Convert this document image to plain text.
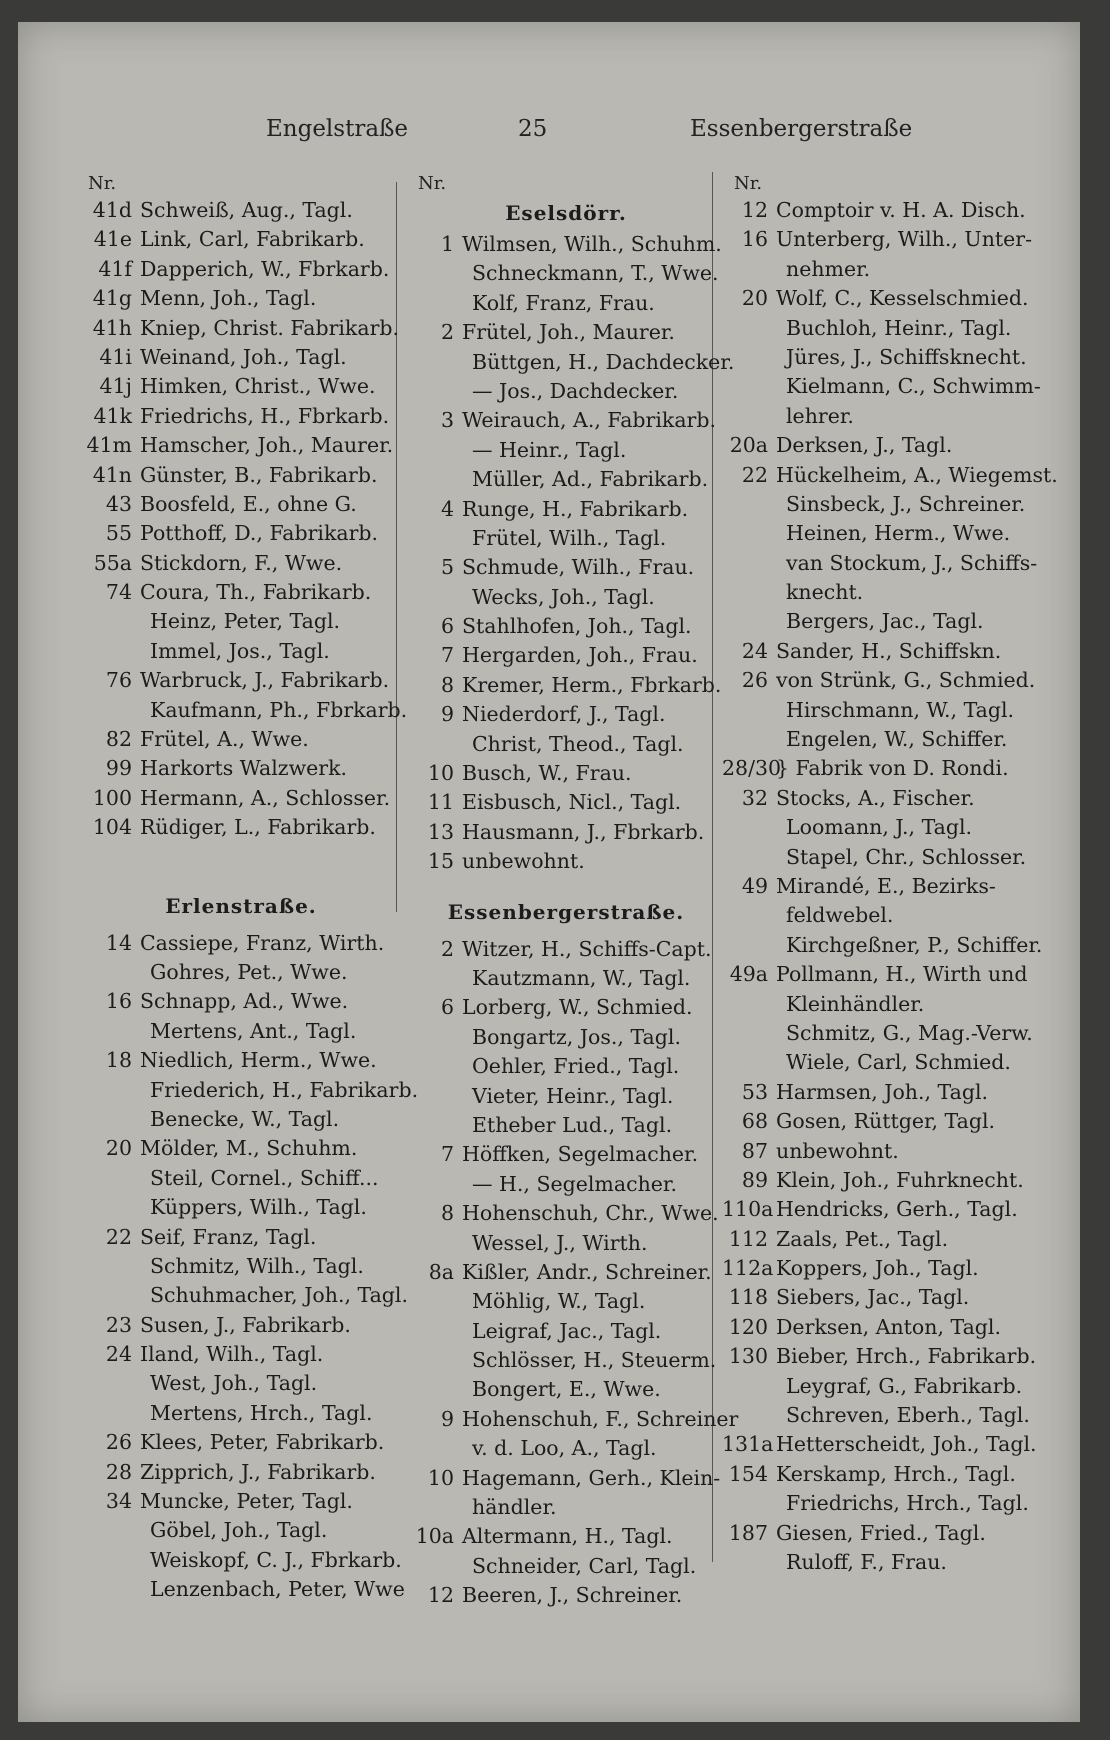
Engelstraße	25	Essenbergerstraße
Nr.
41d Schweiß, Aug., Tagl.
41e Link, Carl, Fabrikarb.
41f Dapperich, W., Fbrkarb.
41g Menn, Joh., Tagl.
41h Kniep, Christ. Fabrikarb.
41i Weinand, Joh., Tagl.
41j Himken, Christ., Wwe.
41k Friedrichs, H., Fbrkarb.
41m Hamscher, Joh., Maurer.
41n Günster, B., Fabrikarb.
43 Boosfeld, E., ohne G.
55 Potthoff, D., Fabrikarb.
55a Stickdorn, F., Wwe.
74 Coura, Th., Fabrikarb.
Heinz, Peter, Tagl.
Immel, Jos., Tagl.
76 Warbruck, J., Fabrikarb.
Kaufmann, Ph., Fbrkarb.
82 Frütel, A., Wwe.
99 Harkorts Walzwerk.
100 Hermann, A., Schlosser.
104 Rüdiger, L., Fabrikarb.
Erlenstraße.
14 Cassiepe, Franz, Wirth.
Gohres, Pet., Wwe.
16 Schnapp, Ad., Wwe.
Mertens, Ant., Tagl.
18 Niedlich, Herm., Wwe.
Friederich, H., Fabrikarb.
Benecke, W., Tagl.
20 Mölder, M., Schuhm.
Steil, Cornel., Schiff...
Küppers, Wilh., Tagl.
22 Seif, Franz, Tagl.
Schmitz, Wilh., Tagl.
Schuhmacher, Joh., Tagl.
23 Susen, J., Fabrikarb.
24 Iland, Wilh., Tagl.
West, Joh., Tagl.
Mertens, Hrch., Tagl.
26 Klees, Peter, Fabrikarb.
28 Zipprich, J., Fabrikarb.
34 Muncke, Peter, Tagl.
Göbel, Joh., Tagl.
Weiskopf, C. J., Fbrkarb.
Lenzenbach, Peter, Wwe
Nr.
Eselsdörr.
1 Wilmsen, Wilh., Schuhm.
Schneckmann, T., Wwe.
Kolf, Franz, Frau.
2 Frütel, Joh., Maurer.
Büttgen, H., Dachdecker.
— Jos., Dachdecker.
3 Weirauch, A., Fabrikarb.
— Heinr., Tagl.
Müller, Ad., Fabrikarb.
4 Runge, H., Fabrikarb.
Frütel, Wilh., Tagl.
5 Schmude, Wilh., Frau.
Wecks, Joh., Tagl.
6 Stahlhofen, Joh., Tagl.
7 Hergarden, Joh., Frau.
8 Kremer, Herm., Fbrkarb.
9 Niederdorf, J., Tagl.
Christ, Theod., Tagl.
10 Busch, W., Frau.
11 Eisbusch, Nicl., Tagl.
13 Hausmann, J., Fbrkarb.
15 unbewohnt.
Essenbergerstraße.
2 Witzer, H., Schiffs-Capt.
Kautzmann, W., Tagl.
6 Lorberg, W., Schmied.
Bongartz, Jos., Tagl.
Oehler, Fried., Tagl.
Vieter, Heinr., Tagl.
Etheber Lud., Tagl.
7 Höffken, Segelmacher.
— H., Segelmacher.
8 Hohenschuh, Chr., Wwe.
Wessel, J., Wirth.
8a Kißler, Andr., Schreiner.
Möhlig, W., Tagl.
Leigraf, Jac., Tagl.
Schlösser, H., Steuerm.
Bongert, E., Wwe.
9 Hohenschuh, F., Schreiner
v. d. Loo, A., Tagl.
10 Hagemann, Gerh., Klein-
händler.
10a Altermann, H., Tagl.
Schneider, Carl, Tagl.
12 Beeren, J., Schreiner.
Nr.
12 Comptoir v. H. A. Disch.
16 Unterberg, Wilh., Unter-
nehmer.
20 Wolf, C., Kesselschmied.
Buchloh, Heinr., Tagl.
Jüres, J., Schiffsknecht.
Kielmann, C., Schwimm-
lehrer.
20a Derksen, J., Tagl.
22 Hückelheim, A., Wiegemst.
Sinsbeck, J., Schreiner.
Heinen, Herm., Wwe.
van Stockum, J., Schiffs-
knecht.
Bergers, Jac., Tagl.
24 Sander, H., Schiffskn.
26 von Strünk, G., Schmied.
Hirschmann, W., Tagl.
Engelen, W., Schiffer.
28/30
} Fabrik von D. Rondi.
32 Stocks, A., Fischer.
Loomann, J., Tagl.
Stapel, Chr., Schlosser.
49 Mirandé, E., Bezirks-
feldwebel.
Kirchgeßner, P., Schiffer.
49a Pollmann, H., Wirth und
Kleinhändler.
Schmitz, G., Mag.-Verw.
Wiele, Carl, Schmied.
53 Harmsen, Joh., Tagl.
68 Gosen, Rüttger, Tagl.
87 unbewohnt.
89 Klein, Joh., Fuhrknecht.
110a Hendricks, Gerh., Tagl.
112 Zaals, Pet., Tagl.
112a Koppers, Joh., Tagl.
118 Siebers, Jac., Tagl.
120 Derksen, Anton, Tagl.
130 Bieber, Hrch., Fabrikarb.
Leygraf, G., Fabrikarb.
Schreven, Eberh., Tagl.
131a Hetterscheidt, Joh., Tagl.
154 Kerskamp, Hrch., Tagl.
Friedrichs, Hrch., Tagl.
187 Giesen, Fried., Tagl.
Ruloff, F., Frau.
